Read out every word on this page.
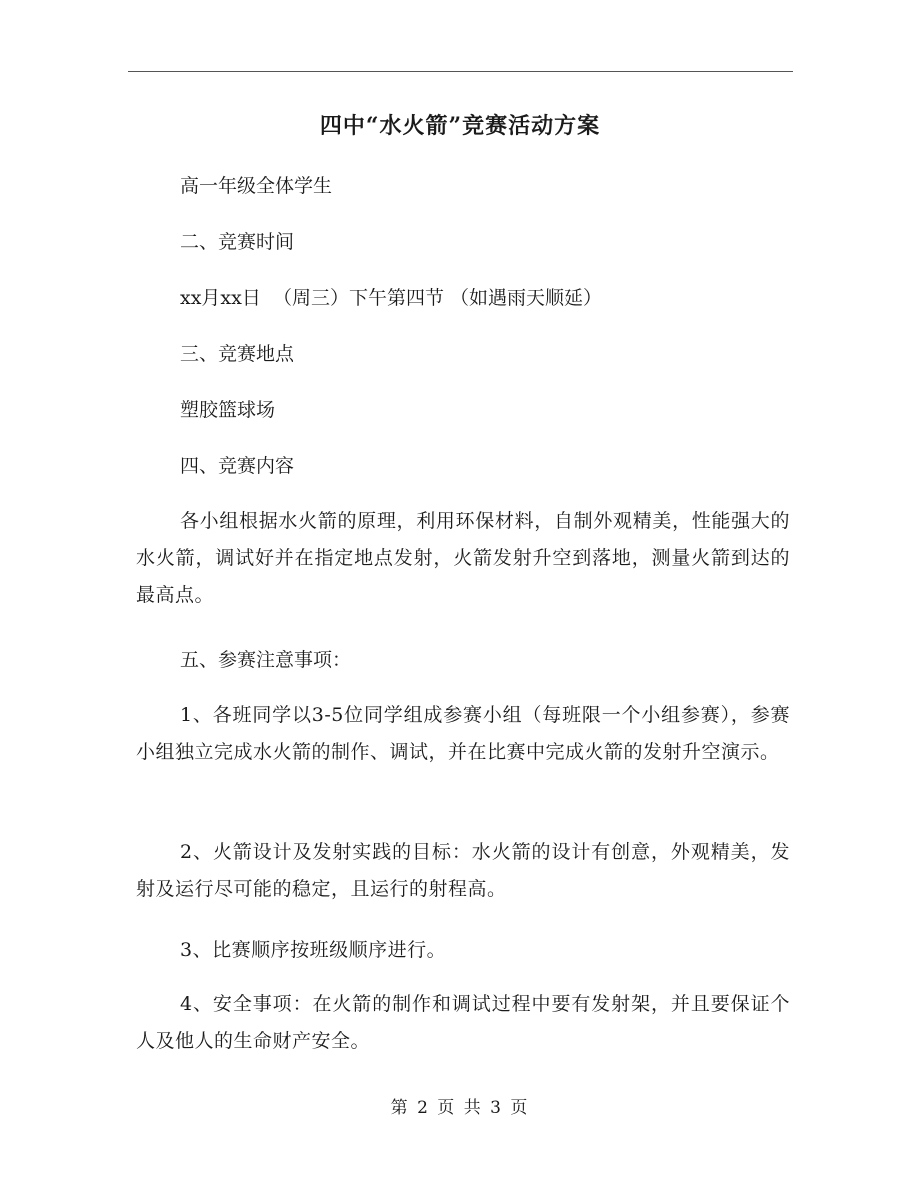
四中“水火箭”竞赛活动方案
高一年级全体学生
二、竞赛时间
xx月xx日  （周三）下午第四节 （如遇雨天顺延）
三、竞赛地点
塑胶篮球场
四、竞赛内容
各小组根据水火箭的原理，利用环保材料，自制外观精美，性能强大的水火箭，调试好并在指定地点发射，火箭发射升空到落地，测量火箭到达的最高点。
五、参赛注意事项：
1、各班同学以3-5位同学组成参赛小组（每班限一个小组参赛），参赛小组独立完成水火箭的制作、调试，并在比赛中完成火箭的发射升空演示。
2、火箭设计及发射实践的目标：水火箭的设计有创意，外观精美，发射及运行尽可能的稳定，且运行的射程高。
3、比赛顺序按班级顺序进行。
4、安全事项：在火箭的制作和调试过程中要有发射架，并且要保证个人及他人的生命财产安全。
第 2 页 共 3 页
